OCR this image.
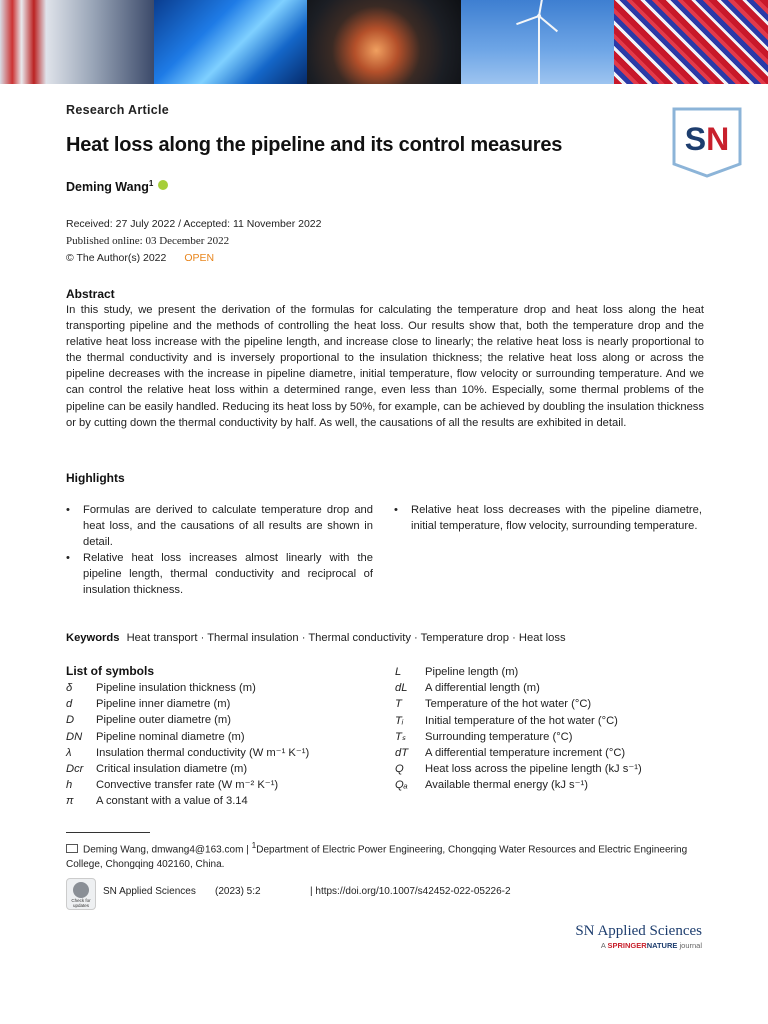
SN
Research Article
Heat loss along the pipeline and its control measures
Deming Wang$^1$
Received: 27 July 2022 / Accepted: 11 November 2022
Published online: 03 December 2022
© The Author(s) 2022 OPEN
Abstract
In this study, we present the derivation of the formulas for calculating the temperature drop and heat loss along the heat transporting pipeline and the methods of controlling the heat loss. Our results show that, both the temperature drop and the relative heat loss increase with the pipeline length, and increase close to linearly; the relative heat loss is nearly proportional to the thermal conductivity and is inversely proportional to the insulation thickness; the relative heat loss along or across the pipeline decreases with the increase in pipeline diametre, initial temperature, flow velocity or surrounding temperature. And we can control the relative heat loss within a determined range, even less than 10%. Especially, some thermal problems of the pipeline can be easily handled. Reducing its heat loss by 50%, for example, can be achieved by doubling the insulation thickness or by cutting down the thermal conductivity by half. As well, the causations of all the results are exhibited in detail.
Highlights
• Formulas are derived to calculate temperature drop and heat loss, and the causations of all results are shown in detail.
• Relative heat loss increases almost linearly with the pipeline length, thermal conductivity and reciprocal of insulation thickness.
• Relative heat loss decreases with the pipeline diametre, initial temperature, flow velocity, surrounding temperature.
Keywords Heat transport · Thermal insulation · Thermal conductivity · Temperature drop · Heat loss
List of symbols
δ Pipeline insulation thickness (m)
d Pipeline inner diametre (m)
D Pipeline outer diametre (m)
DN Pipeline nominal diametre (m)
λ Insulation thermal conductivity (W m⁻¹ K⁻¹)
Dcr Critical insulation diametre (m)
h Convective transfer rate (W m⁻² K⁻¹)
π A constant with a value of 3.14
L Pipeline length (m)
dL A differential length (m)
T Temperature of the hot water (°C)
Tᵢ Initial temperature of the hot water (°C)
Tₛ Surrounding temperature (°C)
dT A differential temperature increment (°C)
Q Heat loss across the pipeline length (kJ s⁻¹)
Qₐ Available thermal energy (kJ s⁻¹)
Deming Wang, dmwang4@163.com | $^1$Department of Electric Power Engineering, Chongqing Water Resources and Electric Engineering College, Chongqing 402160, China.
Check for updates
SN Applied Sciences (2023) 5:2	| https://doi.org/10.1007/s42452-022-05226-2
SN Applied Sciences
A SPRINGERNATURE journal
